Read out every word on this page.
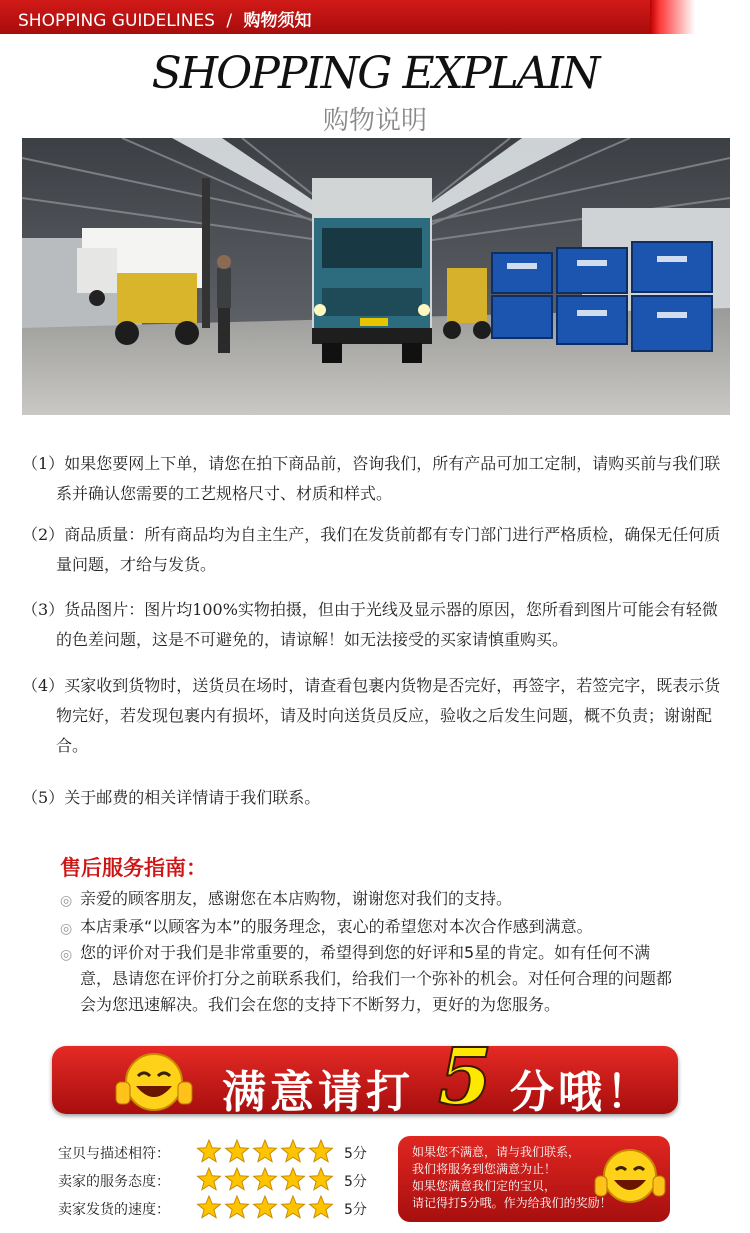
SHOPPING GUIDELINES / 购物须知
SHOPPING EXPLAIN
购物说明

（1）如果您要网上下单，请您在拍下商品前，咨询我们，所有产品可加工定制，请购买前与我们联系并确认您需要的工艺规格尺寸、材质和样式。

（2）商品质量：所有商品均为自主生产，我们在发货前都有专门部门进行严格质检，确保无任何质量问题，才给与发货。

（3）货品图片：图片均100%实物拍摄，但由于光线及显示器的原因，您所看到图片可能会有轻微的色差问题，这是不可避免的，请谅解！如无法接受的买家请慎重购买。

（4）买家收到货物时，送货员在场时，请查看包裹内货物是否完好，再签字，若签完字，既表示货物完好，若发现包裹内有损坏，请及时向送货员反应，验收之后发生问题，概不负责；谢谢配合。

（5）关于邮费的相关详情请于我们联系。

售后服务指南：
◎ 亲爱的顾客朋友，感谢您在本店购物，谢谢您对我们的支持。
◎ 本店秉承“以顾客为本”的服务理念，衷心的希望您对本次合作感到满意。
◎ 您的评价对于我们是非常重要的，希望得到您的好评和5星的肯定。如有任何不满意，恳请您在评价打分之前联系我们，给我们一个弥补的机会。对任何合理的问题都会为您迅速解决。我们会在您的支持下不断努力，更好的为您服务。
满意请打 5 分哦！
宝贝与描述相符：	5分
卖家的服务态度：	5分
卖家发货的速度：	5分
如果您不满意，请与我们联系，
我们将服务到您满意为止！
如果您满意我们定的宝贝，
请记得打5分哦。作为给我们的奖励！
